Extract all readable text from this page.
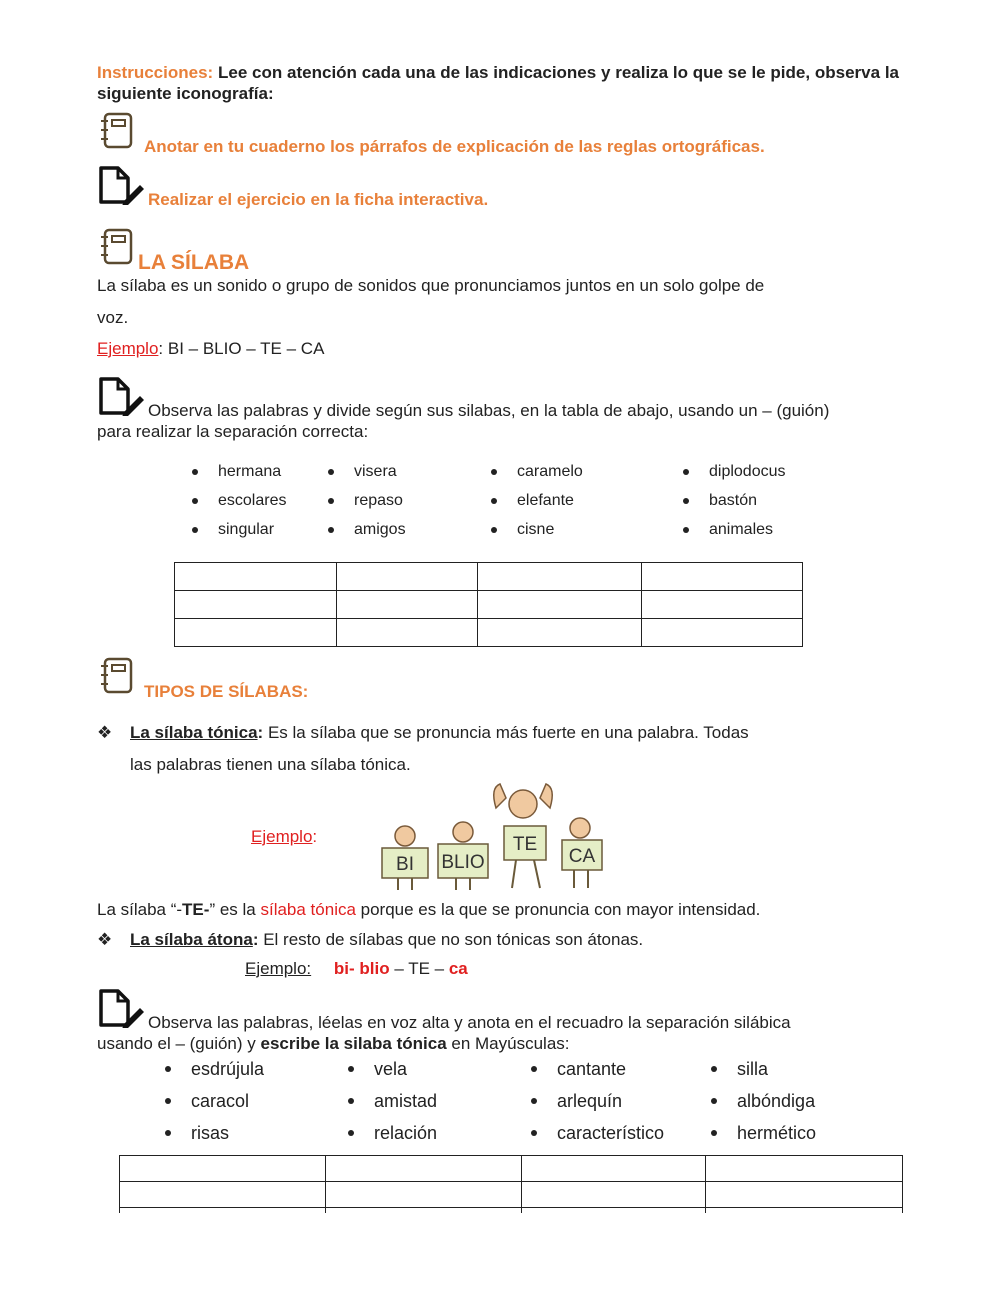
Instrucciones: Lee con atención cada una de las indicaciones y realiza lo que se le pide, observa la siguiente iconografía:
Anotar en tu cuaderno los párrafos de explicación de las reglas ortográficas.
Realizar el ejercicio en la ficha interactiva.
LA SÍLABA
La sílaba es un sonido o grupo de sonidos que pronunciamos juntos en un solo golpe de
voz.
Ejemplo: BI – BLIO – TE – CA
Observa las palabras y divide según sus silabas, en la tabla de abajo, usando un – (guión)
para realizar la separación correcta:
hermana
escolares
singular
visera
repaso
amigos
caramelo
elefante
cisne
diplodocus
bastón
animales

TIPOS DE SÍLABAS:
❖ La sílaba tónica: Es la sílaba que se pronuncia más fuerte en una palabra. Todas
las palabras tienen una sílaba tónica.
Ejemplo:
BI BLIO
TE
CA
La sílaba “-TE-” es la sílaba tónica porque es la que se pronuncia con mayor intensidad.
❖ La sílaba átona: El resto de sílabas que no son tónicas son átonas.
Ejemplo: bi- blio – TE – ca
Observa las palabras, léelas en voz alta y anota en el recuadro la separación silábica
usando el – (guión) y escribe la silaba tónica en Mayúsculas:
esdrújula
caracol
risas
vela
amistad
relación
cantante
arlequín
característico
silla
albóndiga
hermético
